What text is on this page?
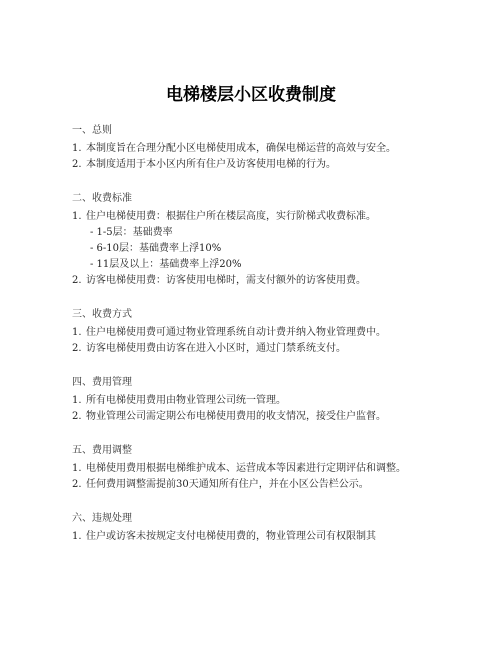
电梯楼层小区收费制度
一、总则
1. 本制度旨在合理分配小区电梯使用成本，确保电梯运营的高效与安全。
2. 本制度适用于本小区内所有住户及访客使用电梯的行为。
二、收费标准
1. 住户电梯使用费：根据住户所在楼层高度，实行阶梯式收费标准。
- 1-5层：基础费率
- 6-10层：基础费率上浮10%
- 11层及以上：基础费率上浮20%
2. 访客电梯使用费：访客使用电梯时，需支付额外的访客使用费。
三、收费方式
1. 住户电梯使用费可通过物业管理系统自动计费并纳入物业管理费中。
2. 访客电梯使用费由访客在进入小区时，通过门禁系统支付。
四、费用管理
1. 所有电梯使用费用由物业管理公司统一管理。
2. 物业管理公司需定期公布电梯使用费用的收支情况，接受住户监督。
五、费用调整
1. 电梯使用费用根据电梯维护成本、运营成本等因素进行定期评估和调整。
2. 任何费用调整需提前30天通知所有住户，并在小区公告栏公示。
六、违规处理
1. 住户或访客未按规定支付电梯使用费的，物业管理公司有权限制其
